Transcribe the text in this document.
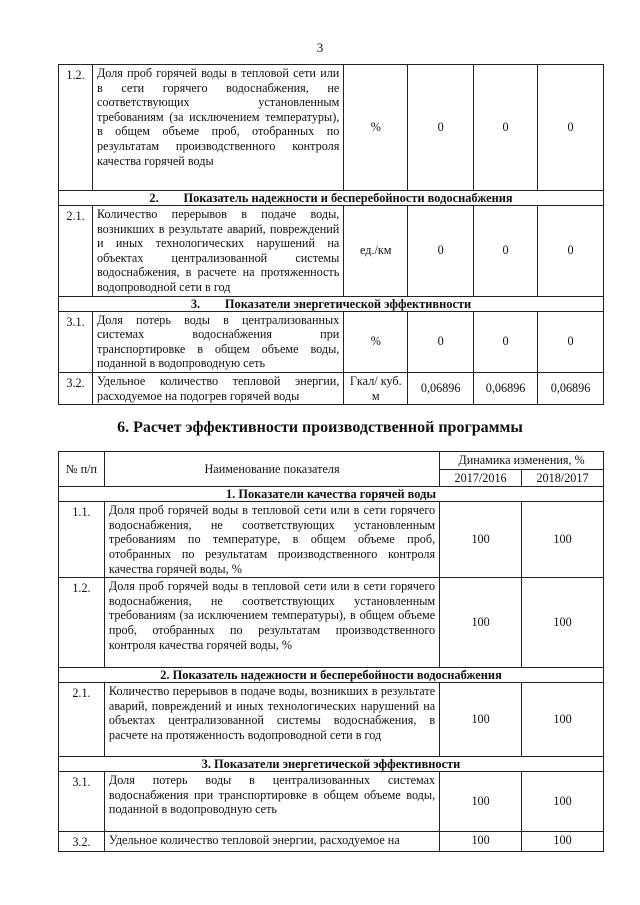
3
1.2.	Доля проб горячей воды в тепловой сети или в сети горячего водоснабжения, не соответствующих установленным требованиям (за исключением температуры), в общем объеме проб, отобранных по результатам производственного контроля качества горячей воды	%	0	0	0
2.  Показатель надежности и бесперебойности водоснабжения					
2.1.	Количество перерывов в подаче воды, возникших в результате аварий, повреждений и иных технологических нарушений на объектах централизованной системы водоснабжения, в расчете на протяженность водопроводной сети в год	ед./км	0	0	0
3.  Показатели энергетической эффективности					
3.1.	Доля потерь воды в централизованных системах водоснабжения при транспортировке в общем объеме воды, поданной в водопроводную сеть	%	0	0	0
3.2.	Удельное количество тепловой энергии, расходуемое на подогрев горячей воды	Гкал/ куб. м	0,06896	0,06896	0,06896
6. Расчет эффективности производственной программы
№ п/п	Наименование показателя	Динамика изменения, %	
		2017/2016	2018/2017
1. Показатели качества горячей воды			
1.1.	Доля проб горячей воды в тепловой сети или в сети горячего водоснабжения, не соответствующих установленным требованиям по температуре, в общем объеме проб, отобранных по результатам производственного контроля качества горячей воды, %	100	100
1.2.	Доля проб горячей воды в тепловой сети или в сети горячего водоснабжения, не соответствующих установленным требованиям (за исключением температуры), в общем объеме проб, отобранных по результатам производственного контроля качества горячей воды, %	100	100
2. Показатель надежности и бесперебойности водоснабжения			
2.1.	Количество перерывов в подаче воды, возникших в результате аварий, повреждений и иных технологических нарушений на объектах централизованной системы водоснабжения, в расчете на протяженность водопроводной сети в год	100	100
3. Показатели энергетической эффективности			
3.1.	Доля потерь воды в централизованных системах водоснабжения при транспортировке в общем объеме воды, поданной в водопроводную сеть	100	100
3.2.	Удельное количество тепловой энергии, расходуемое на	100	100
